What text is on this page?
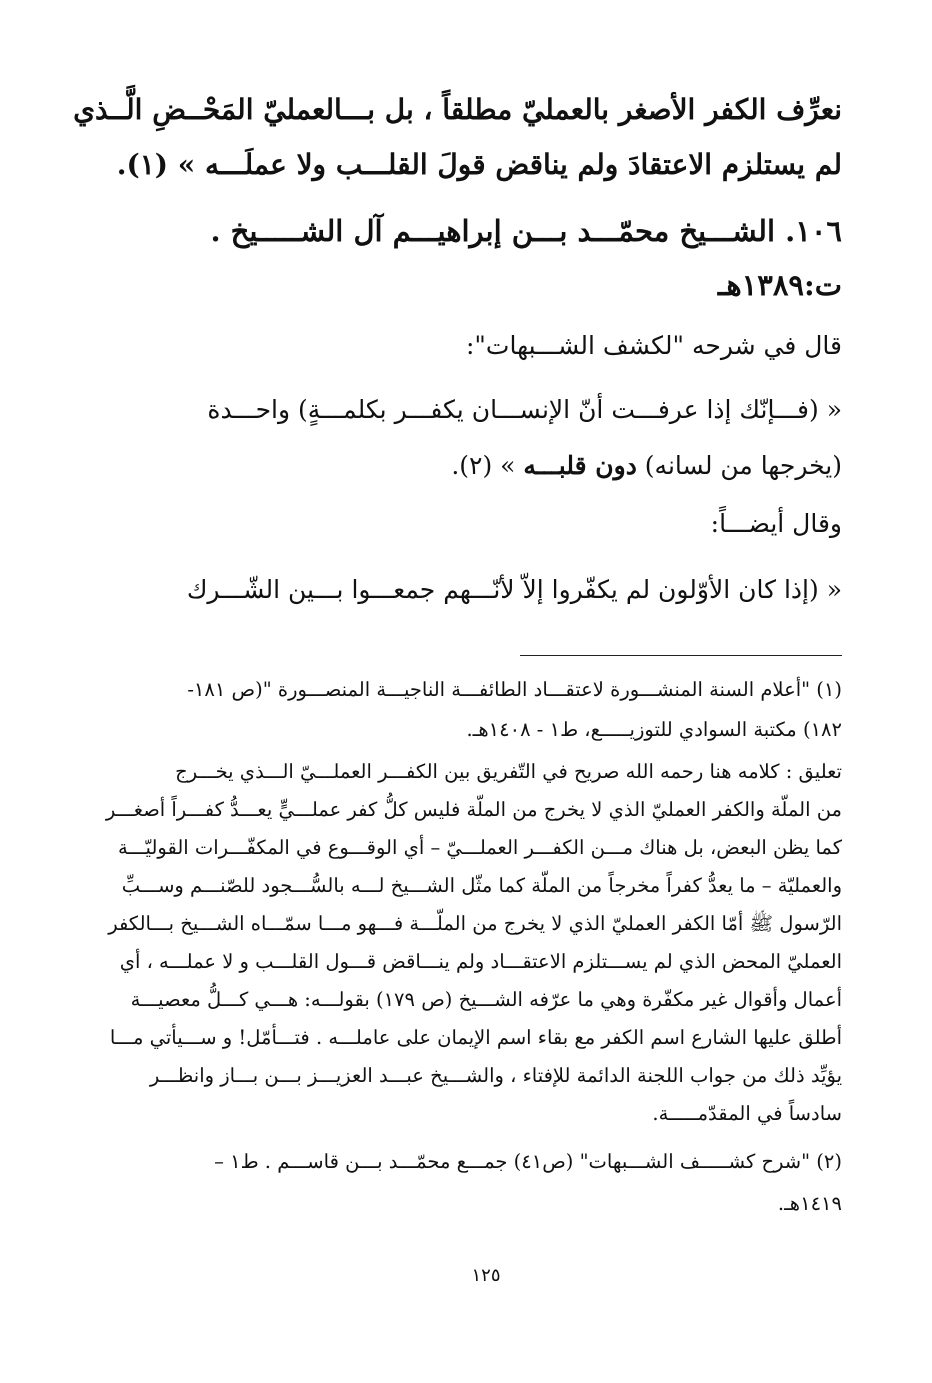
نعرِّف الكفر الأصغر بالعمليّ مطلقاً ، بل بـــالعمليّ المَحْــضِ الَّــذي
لم يستلزم الاعتقادَ ولم يناقض قولَ القلـــب ولا عملَـــه » (١).
١٠٦. الشـــيخ محمّـــد بـــن إبراهيـــم آل الشـــــيخ .
ت:١٣٨٩هـ
قال في شرحه "لكشف الشـــبهات":
« (فـــإنّك إذا عرفـــت أنّ الإنســـان يكفـــر بكلمـــةٍ) واحـــدة
(يخرجها من لسانه) دون قلبـــه » (٢).
وقال أيضـــاً:
« (إذا كان الأوّلون لم يكفّروا إلاّ لأنّـــهم جمعـــوا بـــين الشّـــرك
(١) "أعلام السنة المنشـــورة لاعتقـــاد الطائفـــة الناجيـــة المنصـــورة "(ص ١٨١-
١٨٢) مكتبة السوادي للتوزيـــــع، ط١ - ١٤٠٨هـ.
تعليق : كلامه هنا رحمه الله صريح في التّفريق بين الكفـــر العملـــيّ الـــذي يخـــرج
من الملّة والكفر العمليّ الذي لا يخرج من الملّة فليس كلُّ كفر عملـــيٍّ يعـــدُّ كفـــراً أصغـــر
كما يظن البعض، بل هناك مـــن الكفـــر العملـــيّ – أي الوقـــوع في المكفّـــرات القوليّـــة
والعمليّة – ما يعدُّ كفراً مخرجاً من الملّة كما مثّل الشـــيخ لـــه بالسُّـــجود للصّنـــم وســـبِّ
الرّسول ﷺ أمّا الكفر العمليّ الذي لا يخرج من الملّـــة فـــهو مـــا سمّـــاه الشـــيخ بـــالكفر
العمليّ المحض الذي لم يســـتلزم الاعتقـــاد ولم ينـــاقض قـــول القلـــب و لا عملـــه ، أي
أعمال وأقوال غير مكفّرة وهي ما عرّفه الشـــيخ (ص ١٧٩) بقولـــه: هـــي كـــلُّ معصيـــة
أطلق عليها الشارع اسم الكفر مع بقاء اسم الإيمان على عاملـــه . فتـــأمّل! و ســـيأتي مـــا
يؤيِّد ذلك من جواب اللجنة الدائمة للإفتاء ، والشـــيخ عبـــد العزيـــز بـــن بـــاز وانظـــر
سادساً في المقدّمـــــة.
(٢) "شرح كشـــــف الشـــبهات" (ص٤١) جمـــع محمّـــد بـــن قاســـم . ط١ –
١٤١٩هـ.
١٢٥
